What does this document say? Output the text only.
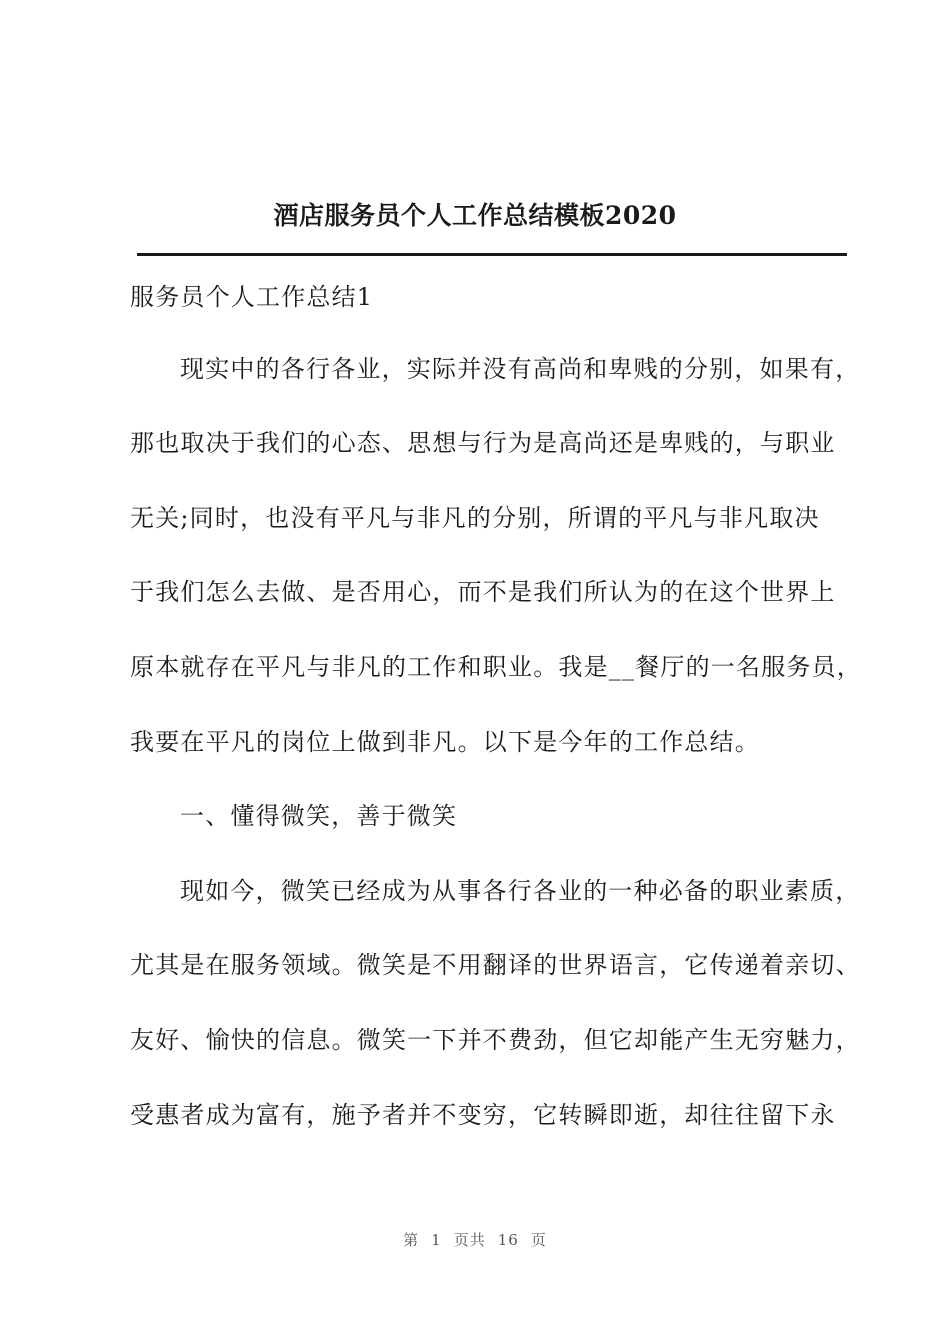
酒店服务员个人工作总结模板2020
服务员个人工作总结1
现实中的各行各业，实际并没有高尚和卑贱的分别，如果有，
那也取决于我们的心态、思想与行为是高尚还是卑贱的，与职业
无关;同时，也没有平凡与非凡的分别，所谓的平凡与非凡取决
于我们怎么去做、是否用心，而不是我们所认为的在这个世界上
原本就存在平凡与非凡的工作和职业。我是__餐厅的一名服务员，
我要在平凡的岗位上做到非凡。以下是今年的工作总结。
一、懂得微笑，善于微笑
现如今，微笑已经成为从事各行各业的一种必备的职业素质，
尤其是在服务领域。微笑是不用翻译的世界语言，它传递着亲切、
友好、愉快的信息。微笑一下并不费劲，但它却能产生无穷魅力，
受惠者成为富有，施予者并不变穷，它转瞬即逝，却往往留下永
第 1 页共 16 页
